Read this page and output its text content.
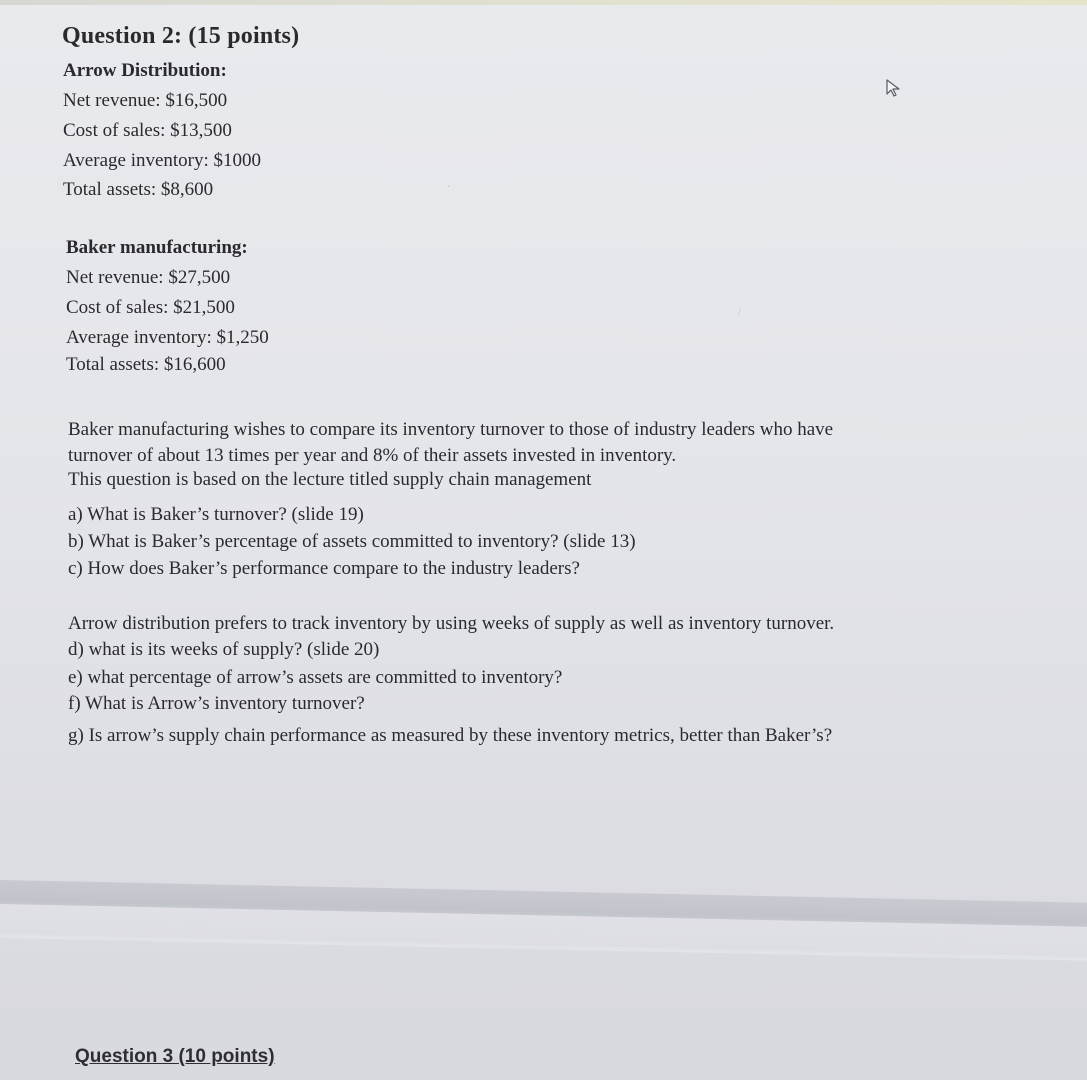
Question 2: (15 points)
Arrow Distribution:
Net revenue: $16,500
Cost of sales: $13,500
Average inventory: $1000
Total assets: $8,600
Baker manufacturing:
Net revenue: $27,500
Cost of sales: $21,500
Average inventory: $1,250
Total assets: $16,600
Baker manufacturing wishes to compare its inventory turnover to those of industry leaders who have
turnover of about 13 times per year and 8% of their assets invested in inventory.
This question is based on the lecture titled supply chain management
a) What is Baker’s turnover? (slide 19)
b) What is Baker’s percentage of assets committed to inventory? (slide 13)
c) How does Baker’s performance compare to the industry leaders?
Arrow distribution prefers to track inventory by using weeks of supply as well as inventory turnover.
d) what is its weeks of supply? (slide 20)
e) what percentage of arrow’s assets are committed to inventory?
f) What is Arrow’s inventory turnover?
g) Is arrow’s supply chain performance as measured by these inventory metrics, better than Baker’s?
·
/
Question 3 (10 points)
